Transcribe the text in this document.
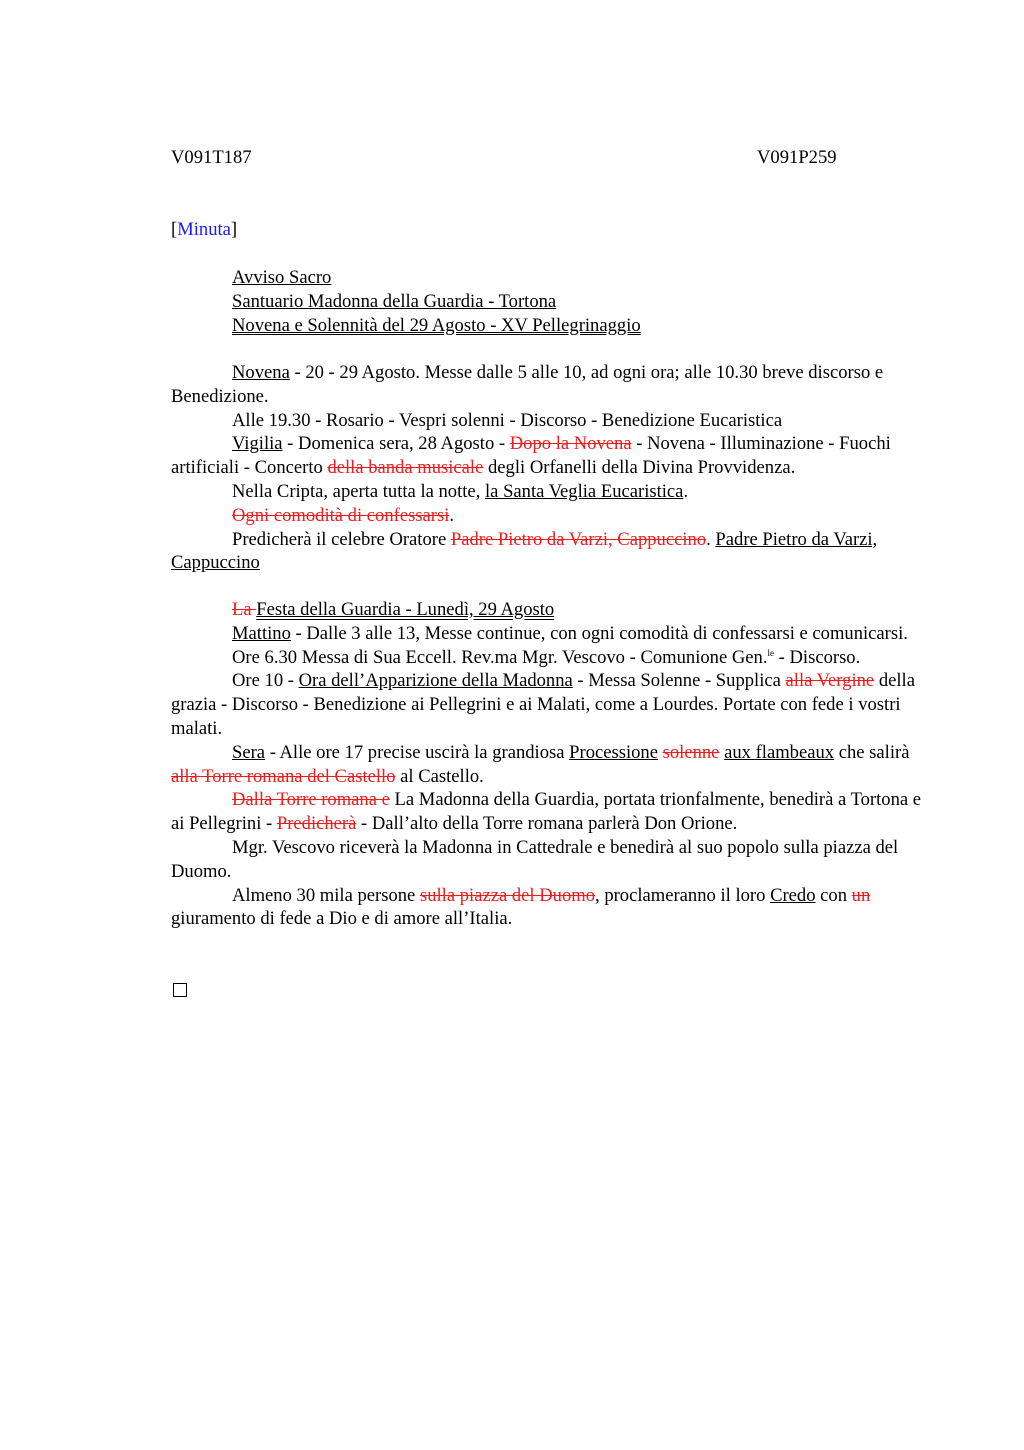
V091T187	V091P259
[Minuta]

Avviso Sacro

Santuario Madonna della Guardia - Tortona

Novena e Solennità del 29 Agosto - XV Pellegrinaggio

Novena - 20 - 29 Agosto. Messe dalle 5 alle 10, ad ogni ora; alle 10.30 breve discorso e Benedizione.

Alle 19.30 - Rosario - Vespri solenni - Discorso - Benedizione Eucaristica

Vigilia - Domenica sera, 28 Agosto - Dopo la Novena - Novena - Illuminazione - Fuochi artificiali - Concerto della banda musicale degli Orfanelli della Divina Provvidenza.

Nella Cripta, aperta tutta la notte, la Santa Veglia Eucaristica.

Ogni comodità di confessarsi.

Predicherà il celebre Oratore Padre Pietro da Varzi, Cappuccino. Padre Pietro da Varzi, Cappuccino

La Festa della Guardia - Lunedì, 29 Agosto

Mattino - Dalle 3 alle 13, Messe continue, con ogni comodità di confessarsi e comunicarsi.

Ore 6.30 Messa di Sua Eccell. Rev.ma Mgr. Vescovo - Comunione Gen.$^{le}$ - Discorso.

Ore 10 - Ora dell’Apparizione della Madonna - Messa Solenne - Supplica alla Vergine della grazia - Discorso - Benedizione ai Pellegrini e ai Malati, come a Lourdes. Portate con fede i vostri malati.

Sera - Alle ore 17 precise uscirà la grandiosa Processione solenne aux flambeaux che salirà alla Torre romana del Castello al Castello.

Dalla Torre romana e La Madonna della Guardia, portata trionfalmente, benedirà a Tortona e ai Pellegrini - Predicherà - Dall’alto della Torre romana parlerà Don Orione.

Mgr. Vescovo riceverà la Madonna in Cattedrale e benedirà al suo popolo sulla piazza del Duomo.

Almeno 30 mila persone sulla piazza del Duomo, proclameranno il loro Credo con un giuramento di fede a Dio e di amore all’Italia.
